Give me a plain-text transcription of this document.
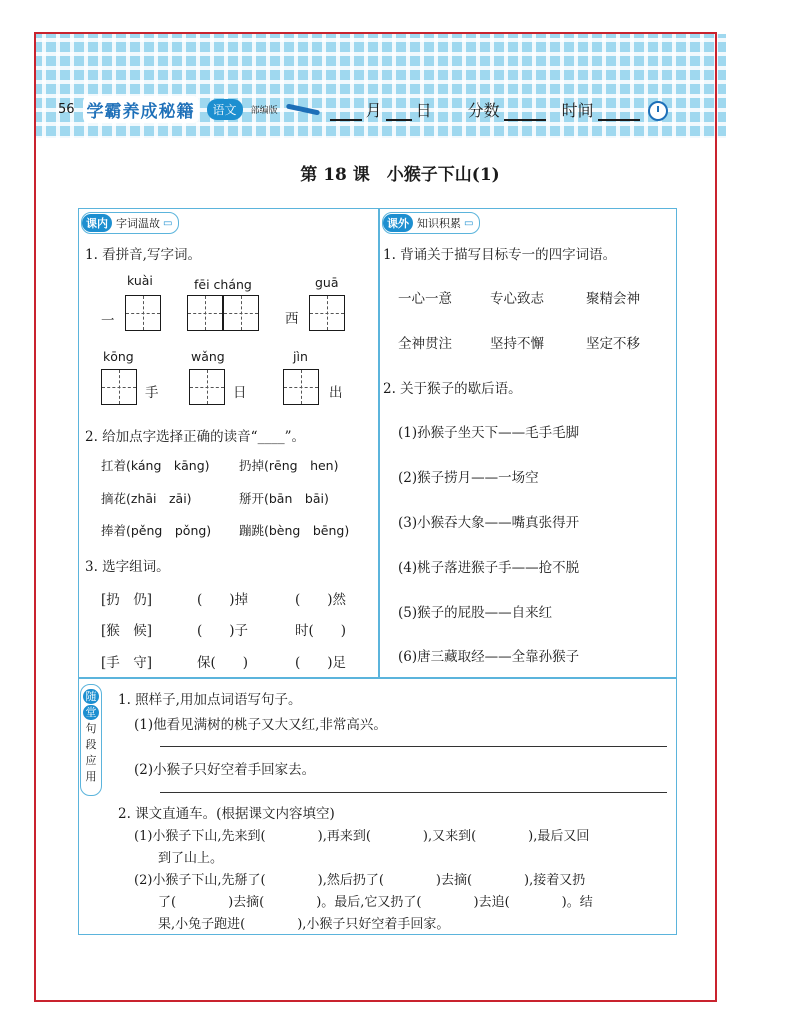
56 学霸养成秘籍	语文	部编版	月 日 分数	时间
第 18 课　小猴子下山(1)
课内 字词温故 ▭
1. 看拼音,写字词。
kuài	fēi cháng	guā
一	西
kōng	wǎng	jìn
手	日	出
2. 给加点字选择正确的读音“____”。
扛着(káng　kāng) 扔掉(rēng　hen)
摘花(zhāi　zāi)	掰开(bān　bāi)
捧着(pěng　pǒng) 蹦跳(bèng　bēng)
3. 选字组词。
[扔　仍]	(　　)掉	(　　)然
[猴　候]	(　　)子	时(　　)
[手　守]	保(　　)	(　　)足
课外 知识积累 ▭
1. 背诵关于描写目标专一的四字词语。
一心一意	专心致志	聚精会神
全神贯注	坚持不懈	坚定不移
2. 关于猴子的歇后语。
(1)孙猴子坐天下——毛手毛脚
(2)猴子捞月——一场空
(3)小猴吞大象——嘴真张得开
(4)桃子落进猴子手——抢不脱
(5)猴子的屁股——自来红
(6)唐三藏取经——全靠孙猴子
随
堂
句
段
应
用
1. 照样子,用加点词语写句子。
(1)他看见满树的桃子又大又红,非常高兴。
(2)小猴子只好空着手回家去。
2. 课文直通车。(根据课文内容填空)
(1)小猴子下山,先来到(　　　　),再来到(　　　　),又来到(　　　　),最后又回
到了山上。
(2)小猴子下山,先掰了(　　　　),然后扔了(　　　　)去摘(　　　　),接着又扔
了(　　　　)去摘(　　　　)。最后,它又扔了(　　　　)去追(　　　　)。结
果,小兔子跑进(　　　　),小猴子只好空着手回家。
